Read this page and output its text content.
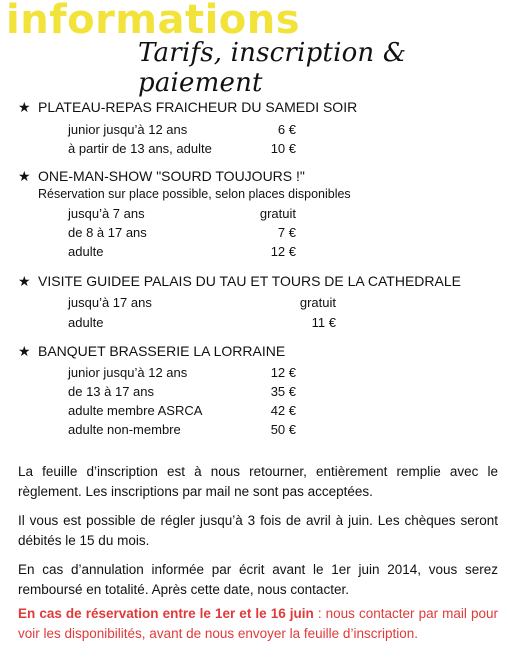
informations
Tarifs, inscription & paiement
★ PLATEAU-REPAS FRAICHEUR DU SAMEDI SOIR
junior jusqu’à 12 ans	6 €
à partir de 13 ans, adulte	10 €
★ ONE-MAN-SHOW "SOURD TOUJOURS !"
Réservation sur place possible, selon places disponibles
jusqu’à 7 ans	gratuit
de 8 à 17 ans	7 €
adulte	12 €
★ VISITE GUIDEE PALAIS DU TAU ET TOURS DE LA CATHEDRALE
jusqu’à 17 ans	gratuit
adulte	11 €
★ BANQUET BRASSERIE LA LORRAINE
junior jusqu’à 12 ans	12 €
de 13 à 17 ans	35 €
adulte membre ASRCA	42 €
adulte non-membre	50 €

La feuille d’inscription est à nous retourner, entièrement remplie avec le règlement. Les inscriptions par mail ne sont pas acceptées.

Il vous est possible de régler jusqu’à 3 fois de avril à juin. Les chèques seront débités le 15 du mois.

En cas d’annulation informée par écrit avant le 1er juin 2014, vous serez remboursé en totalité. Après cette date, nous contacter.

En cas de réservation entre le 1er et le 16 juin : nous contacter par mail pour voir les disponibilités, avant de nous envoyer la feuille d’inscription.
